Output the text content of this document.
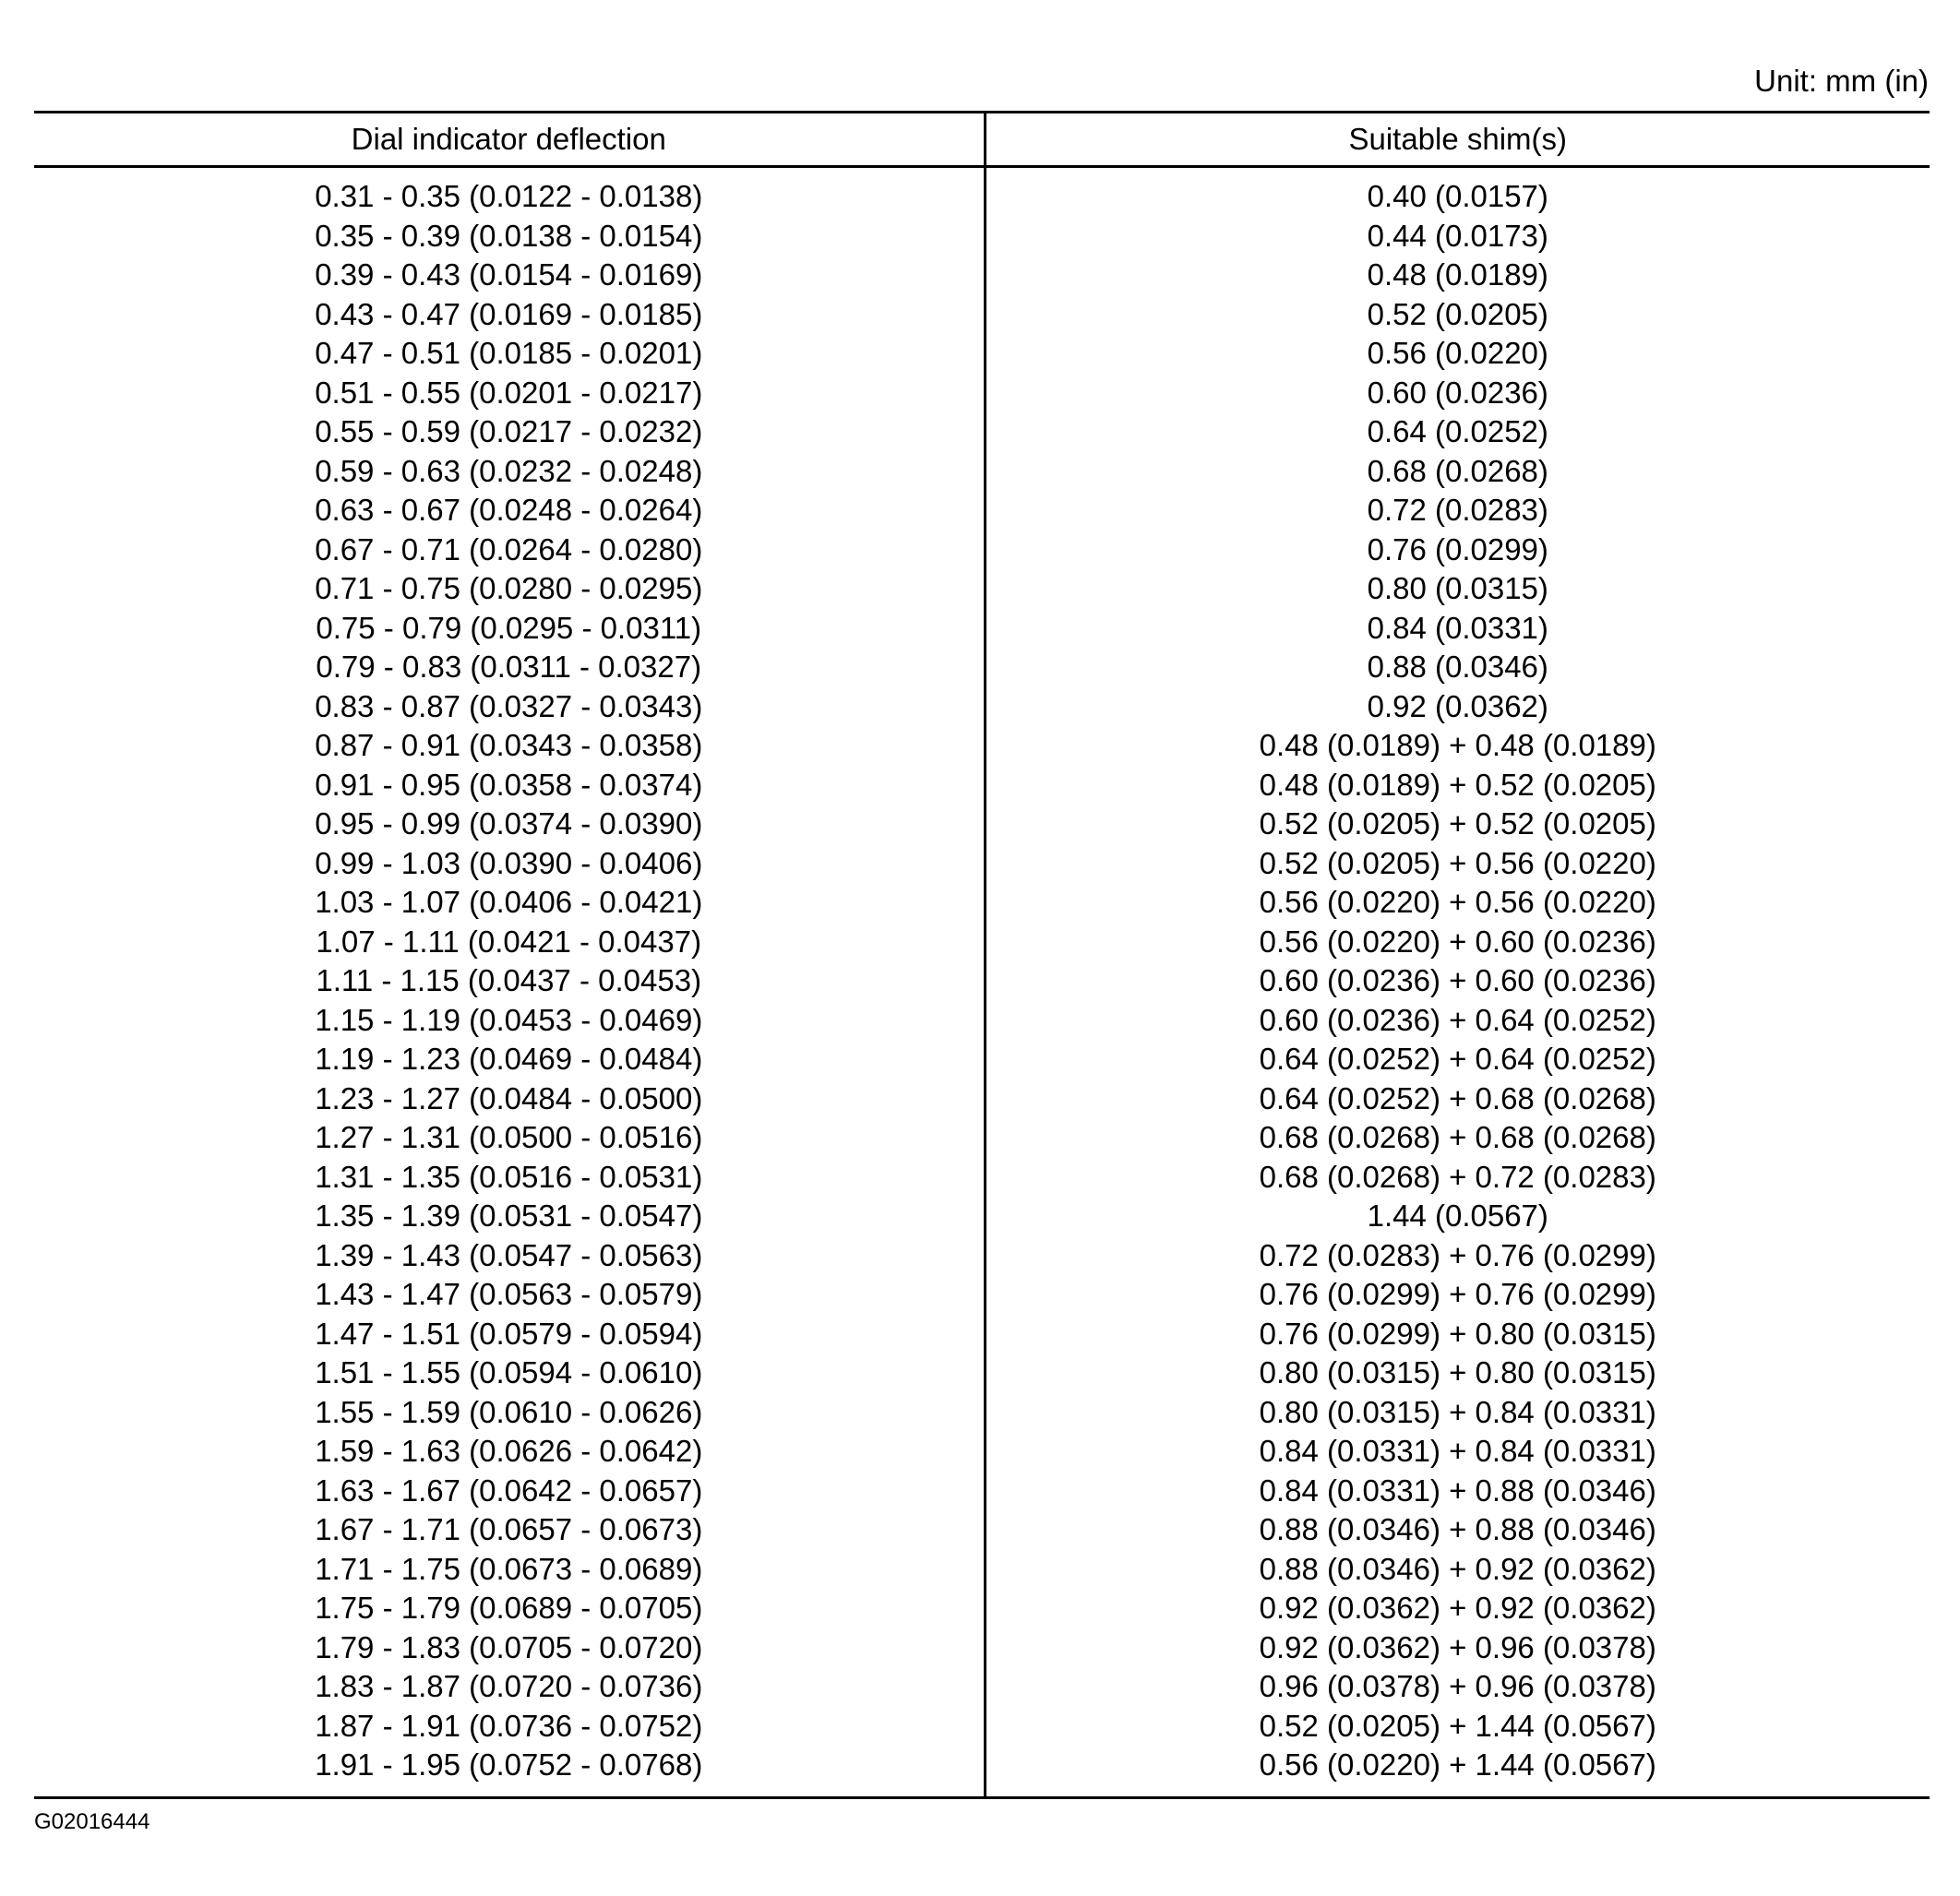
Unit: mm (in)
Dial indicator deflection	Suitable shim(s)
0.31 - 0.35 (0.0122 - 0.0138)	0.40 (0.0157)
0.35 - 0.39 (0.0138 - 0.0154)	0.44 (0.0173)
0.39 - 0.43 (0.0154 - 0.0169)	0.48 (0.0189)
0.43 - 0.47 (0.0169 - 0.0185)	0.52 (0.0205)
0.47 - 0.51 (0.0185 - 0.0201)	0.56 (0.0220)
0.51 - 0.55 (0.0201 - 0.0217)	0.60 (0.0236)
0.55 - 0.59 (0.0217 - 0.0232)	0.64 (0.0252)
0.59 - 0.63 (0.0232 - 0.0248)	0.68 (0.0268)
0.63 - 0.67 (0.0248 - 0.0264)	0.72 (0.0283)
0.67 - 0.71 (0.0264 - 0.0280)	0.76 (0.0299)
0.71 - 0.75 (0.0280 - 0.0295)	0.80 (0.0315)
0.75 - 0.79 (0.0295 - 0.0311)	0.84 (0.0331)
0.79 - 0.83 (0.0311 - 0.0327)	0.88 (0.0346)
0.83 - 0.87 (0.0327 - 0.0343)	0.92 (0.0362)
0.87 - 0.91 (0.0343 - 0.0358)	0.48 (0.0189) + 0.48 (0.0189)
0.91 - 0.95 (0.0358 - 0.0374)	0.48 (0.0189) + 0.52 (0.0205)
0.95 - 0.99 (0.0374 - 0.0390)	0.52 (0.0205) + 0.52 (0.0205)
0.99 - 1.03 (0.0390 - 0.0406)	0.52 (0.0205) + 0.56 (0.0220)
1.03 - 1.07 (0.0406 - 0.0421)	0.56 (0.0220) + 0.56 (0.0220)
1.07 - 1.11 (0.0421 - 0.0437)	0.56 (0.0220) + 0.60 (0.0236)
1.11 - 1.15 (0.0437 - 0.0453)	0.60 (0.0236) + 0.60 (0.0236)
1.15 - 1.19 (0.0453 - 0.0469)	0.60 (0.0236) + 0.64 (0.0252)
1.19 - 1.23 (0.0469 - 0.0484)	0.64 (0.0252) + 0.64 (0.0252)
1.23 - 1.27 (0.0484 - 0.0500)	0.64 (0.0252) + 0.68 (0.0268)
1.27 - 1.31 (0.0500 - 0.0516)	0.68 (0.0268) + 0.68 (0.0268)
1.31 - 1.35 (0.0516 - 0.0531)	0.68 (0.0268) + 0.72 (0.0283)
1.35 - 1.39 (0.0531 - 0.0547)	1.44 (0.0567)
1.39 - 1.43 (0.0547 - 0.0563)	0.72 (0.0283) + 0.76 (0.0299)
1.43 - 1.47 (0.0563 - 0.0579)	0.76 (0.0299) + 0.76 (0.0299)
1.47 - 1.51 (0.0579 - 0.0594)	0.76 (0.0299) + 0.80 (0.0315)
1.51 - 1.55 (0.0594 - 0.0610)	0.80 (0.0315) + 0.80 (0.0315)
1.55 - 1.59 (0.0610 - 0.0626)	0.80 (0.0315) + 0.84 (0.0331)
1.59 - 1.63 (0.0626 - 0.0642)	0.84 (0.0331) + 0.84 (0.0331)
1.63 - 1.67 (0.0642 - 0.0657)	0.84 (0.0331) + 0.88 (0.0346)
1.67 - 1.71 (0.0657 - 0.0673)	0.88 (0.0346) + 0.88 (0.0346)
1.71 - 1.75 (0.0673 - 0.0689)	0.88 (0.0346) + 0.92 (0.0362)
1.75 - 1.79 (0.0689 - 0.0705)	0.92 (0.0362) + 0.92 (0.0362)
1.79 - 1.83 (0.0705 - 0.0720)	0.92 (0.0362) + 0.96 (0.0378)
1.83 - 1.87 (0.0720 - 0.0736)	0.96 (0.0378) + 0.96 (0.0378)
1.87 - 1.91 (0.0736 - 0.0752)	0.52 (0.0205) + 1.44 (0.0567)
1.91 - 1.95 (0.0752 - 0.0768)	0.56 (0.0220) + 1.44 (0.0567)
G02016444
